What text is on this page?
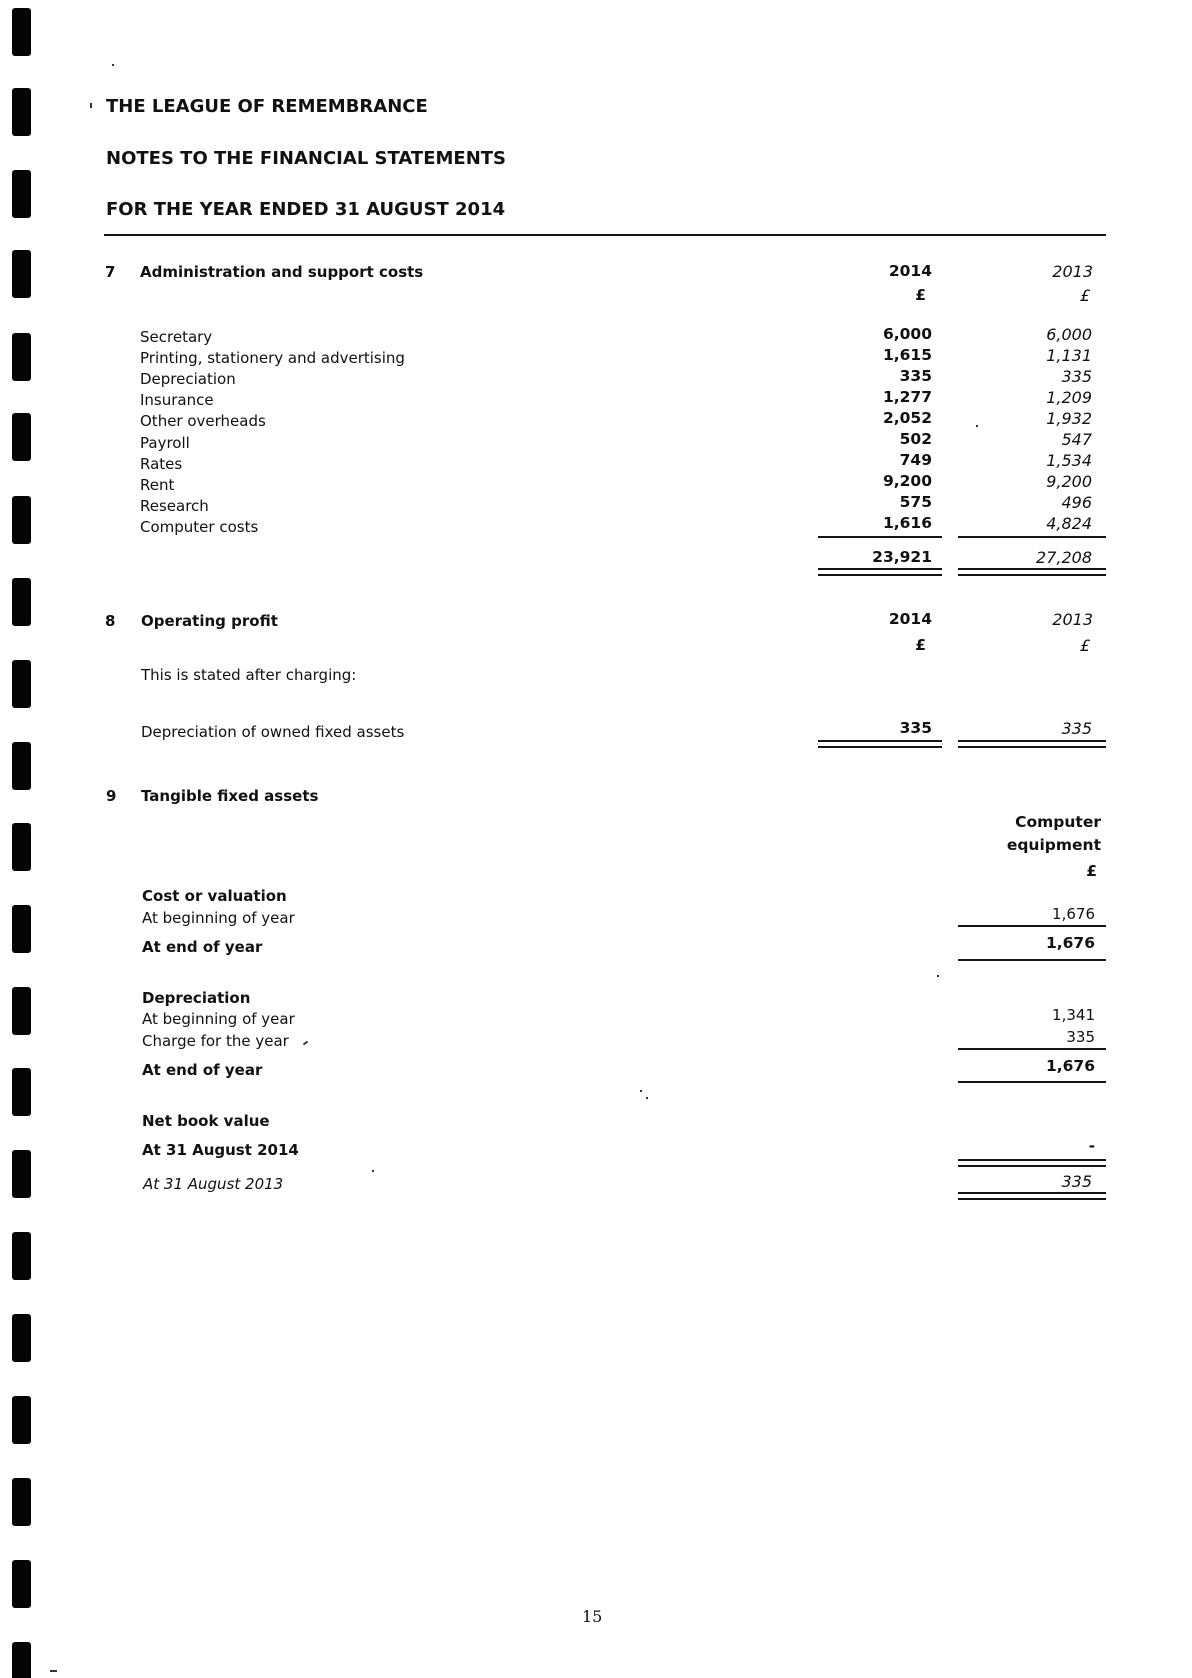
THE LEAGUE OF REMEMBRANCE
NOTES TO THE FINANCIAL STATEMENTS
FOR THE YEAR ENDED 31 AUGUST 2014
7 Administration and support costs	2014	2013
£	£
Secretary	6,000	6,000
Printing, stationery and advertising	1,615	1,131
Depreciation	335	335
Insurance	1,277	1,209
Other overheads	2,052	1,932
Payroll	502	547
Rates	749	1,534
Rent	9,200	9,200
Research	575	496
Computer costs	1,616	4,824
23,921	27,208
8 Operating profit	2014	2013
£	£
This is stated after charging:
Depreciation of owned fixed assets	335	335
9 Tangible fixed assets
Computer
equipment
£
Cost or valuation
At beginning of year	1,676
At end of year	1,676
Depreciation
At beginning of year	1,341
Charge for the year	335
At end of year	1,676
Net book value
At 31 August 2014	-
At 31 August 2013	335
15
